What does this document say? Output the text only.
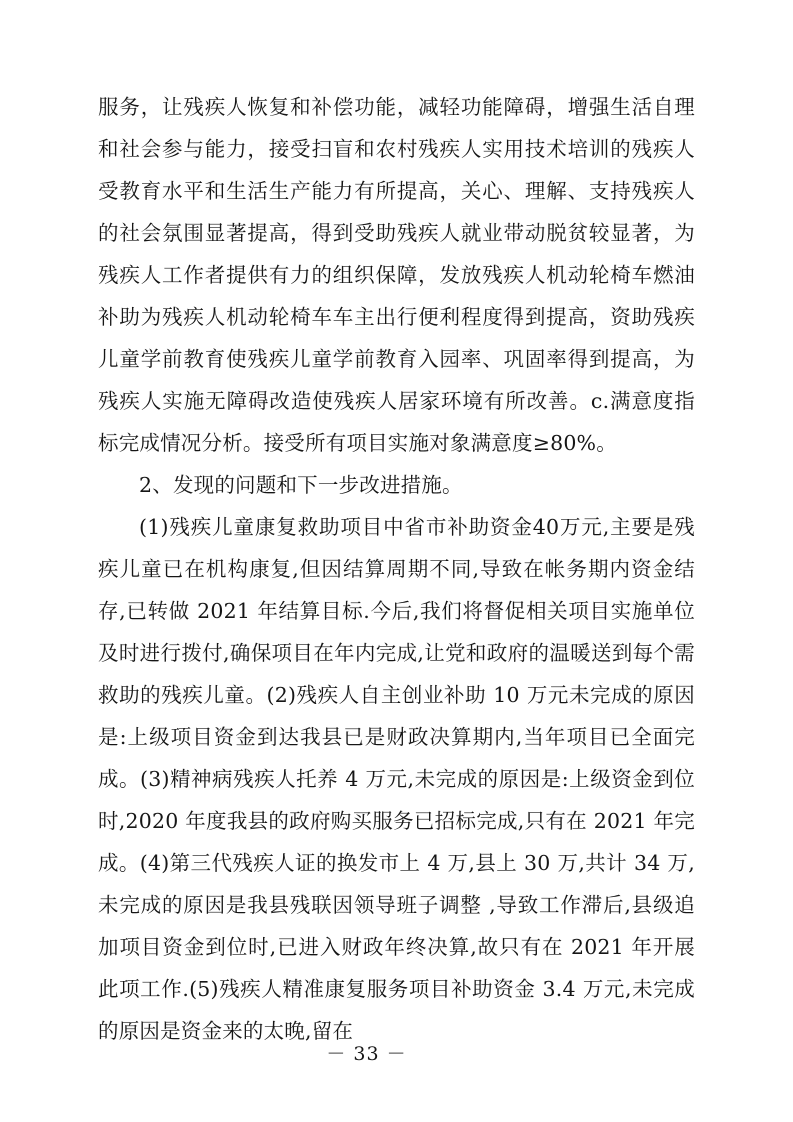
服务，让残疾人恢复和补偿功能，减轻功能障碍，增强生活自理和社会参与能力，接受扫盲和农村残疾人实用技术培训的残疾人受教育水平和生活生产能力有所提高，关心、理解、支持残疾人的社会氛围显著提高，得到受助残疾人就业带动脱贫较显著，为残疾人工作者提供有力的组织保障，发放残疾人机动轮椅车燃油补助为残疾人机动轮椅车车主出行便利程度得到提高，资助残疾儿童学前教育使残疾儿童学前教育入园率、巩固率得到提高，为残疾人实施无障碍改造使残疾人居家环境有所改善。c.满意度指标完成情况分析。接受所有项目实施对象满意度≥80%。

2、发现的问题和下一步改进措施。

(1)残疾儿童康复救助项目中省市补助资金40万元,主要是残疾儿童已在机构康复,但因结算周期不同,导致在帐务期内资金结存,已转做 2021 年结算目标.今后,我们将督促相关项目实施单位及时进行拨付,确保项目在年内完成,让党和政府的温暖送到每个需救助的残疾儿童。(2)残疾人自主创业补助 10 万元未完成的原因是:上级项目资金到达我县已是财政决算期内,当年项目已全面完成。(3)精神病残疾人托养 4 万元,未完成的原因是:上级资金到位时,2020 年度我县的政府购买服务已招标完成,只有在 2021 年完成。(4)第三代残疾人证的换发市上 4 万,县上 30 万,共计 34 万,未完成的原因是我县残联因领导班子调整 ,导致工作滞后,县级追加项目资金到位时,已进入财政年终决算,故只有在 2021 年开展此项工作.(5)残疾人精准康复服务项目补助资金 3.4 万元,未完成的原因是资金来的太晚,留在

－ 33 －
